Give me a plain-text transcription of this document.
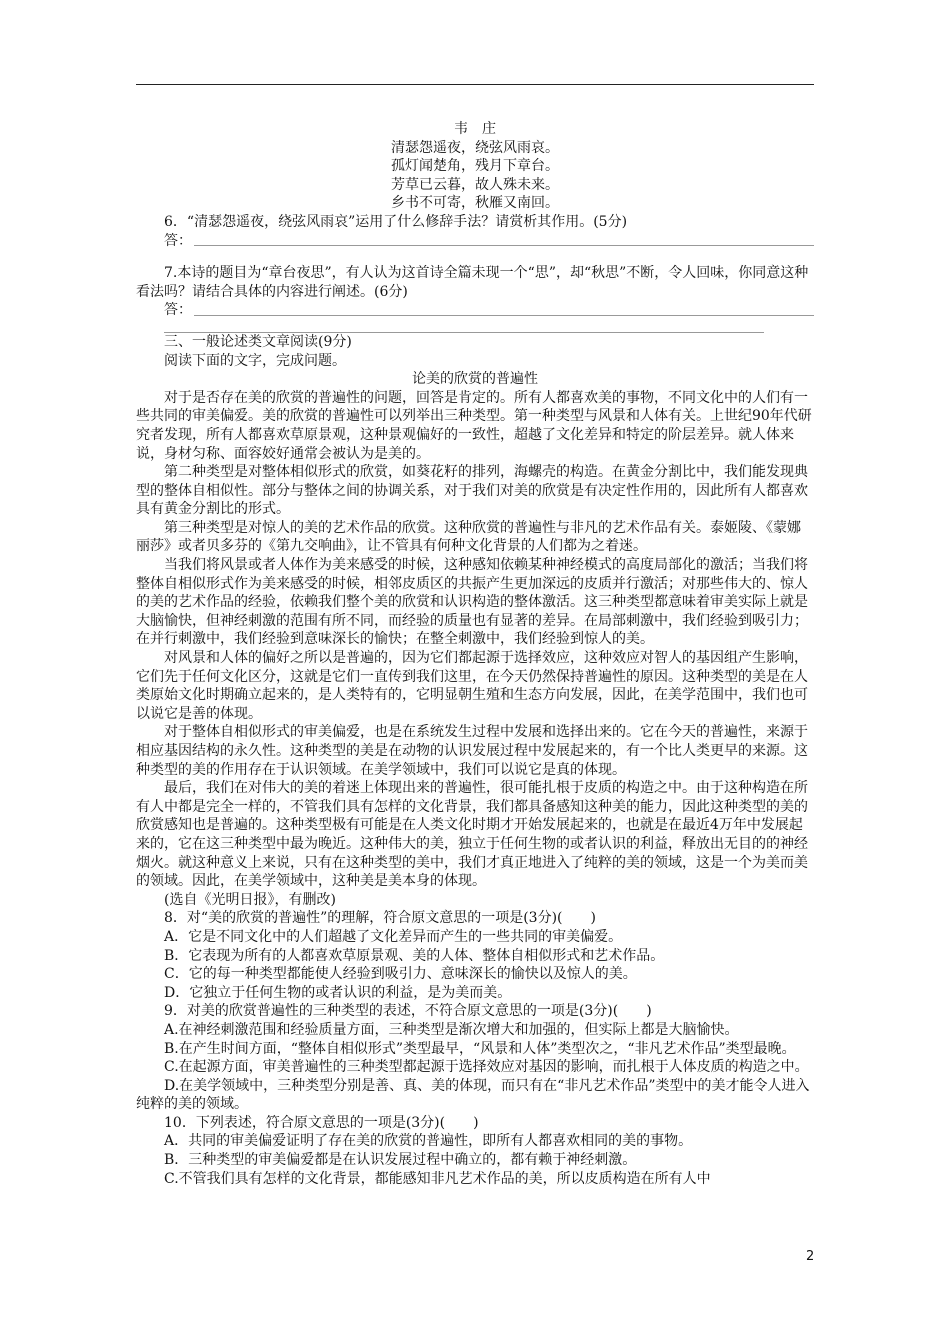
韦　庄

清瑟怨遥夜，绕弦风雨哀。

孤灯闻楚角，残月下章台。

芳草已云暮，故人殊未来。

乡书不可寄，秋雁又南回。

6．“清瑟怨遥夜，绕弦风雨哀”运用了什么修辞手法？请赏析其作用。(5分)

答：

7.本诗的题目为“章台夜思”，有人认为这首诗全篇未现一个“思”，却“秋思”不断，令人回味，你同意这种看法吗？请结合具体的内容进行阐述。(6分)

答：

三、一般论述类文章阅读(9分)

阅读下面的文字，完成问题。

论美的欣赏的普遍性

对于是否存在美的欣赏的普遍性的问题，回答是肯定的。所有人都喜欢美的事物，不同文化中的人们有一些共同的审美偏爱。美的欣赏的普遍性可以列举出三种类型。第一种类型与风景和人体有关。上世纪90年代研究者发现，所有人都喜欢草原景观，这种景观偏好的一致性，超越了文化差异和特定的阶层差异。就人体来说，身材匀称、面容姣好通常会被认为是美的。

第二种类型是对整体相似形式的欣赏，如葵花籽的排列，海螺壳的构造。在黄金分割比中，我们能发现典型的整体自相似性。部分与整体之间的协调关系，对于我们对美的欣赏是有决定性作用的，因此所有人都喜欢具有黄金分割比的形式。

第三种类型是对惊人的美的艺术作品的欣赏。这种欣赏的普遍性与非凡的艺术作品有关。泰姬陵、《蒙娜丽莎》或者贝多芬的《第九交响曲》，让不管具有何种文化背景的人们都为之着迷。

当我们将风景或者人体作为美来感受的时候，这种感知依赖某种神经模式的高度局部化的激活；当我们将整体自相似形式作为美来感受的时候，相邻皮质区的共振产生更加深远的皮质并行激活；对那些伟大的、惊人的美的艺术作品的经验，依赖我们整个美的欣赏和认识构造的整体激活。这三种类型都意味着审美实际上就是大脑愉快，但神经刺激的范围有所不同，而经验的质量也有显著的差异。在局部刺激中，我们经验到吸引力；在并行刺激中，我们经验到意味深长的愉快；在整全刺激中，我们经验到惊人的美。

对风景和人体的偏好之所以是普遍的，因为它们都起源于选择效应，这种效应对智人的基因组产生影响，它们先于任何文化区分，这就是它们一直传到我们这里，在今天仍然保持普遍性的原因。这种类型的美是在人类原始文化时期确立起来的，是人类特有的，它明显朝生殖和生态方向发展，因此，在美学范围中，我们也可以说它是善的体现。

对于整体自相似形式的审美偏爱，也是在系统发生过程中发展和选择出来的。它在今天的普遍性，来源于相应基因结构的永久性。这种类型的美是在动物的认识发展过程中发展起来的，有一个比人类更早的来源。这种类型的美的作用存在于认识领域。在美学领域中，我们可以说它是真的体现。

最后，我们在对伟大的美的着迷上体现出来的普遍性，很可能扎根于皮质的构造之中。由于这种构造在所有人中都是完全一样的，不管我们具有怎样的文化背景，我们都具备感知这种美的能力，因此这种类型的美的欣赏感知也是普遍的。这种类型极有可能是在人类文化时期才开始发展起来的，也就是在最近4万年中发展起来的，它在这三种类型中最为晚近。这种伟大的美，独立于任何生物的或者认识的利益，释放出无目的的神经烟火。就这种意义上来说，只有在这种类型的美中，我们才真正地进入了纯粹的美的领域，这是一个为美而美的领域。因此，在美学领域中，这种美是美本身的体现。

(选自《光明日报》，有删改)

8．对“美的欣赏的普遍性”的理解，符合原文意思的一项是(3分)(　　)

A．它是不同文化中的人们超越了文化差异而产生的一些共同的审美偏爱。

B．它表现为所有的人都喜欢草原景观、美的人体、整体自相似形式和艺术作品。

C．它的每一种类型都能使人经验到吸引力、意味深长的愉快以及惊人的美。

D．它独立于任何生物的或者认识的利益，是为美而美。

9．对美的欣赏普遍性的三种类型的表述，不符合原文意思的一项是(3分)(　　)

A.在神经刺激范围和经验质量方面，三种类型是渐次增大和加强的，但实际上都是大脑愉快。

B.在产生时间方面，“整体自相似形式”类型最早，“风景和人体”类型次之，“非凡艺术作品”类型最晚。

C.在起源方面，审美普遍性的三种类型都起源于选择效应对基因的影响，而扎根于人体皮质的构造之中。

D.在美学领域中，三种类型分别是善、真、美的体现，而只有在“非凡艺术作品”类型中的美才能令人进入纯粹的美的领域。

10．下列表述，符合原文意思的一项是(3分)(　　)

A．共同的审美偏爱证明了存在美的欣赏的普遍性，即所有人都喜欢相同的美的事物。

B．三种类型的审美偏爱都是在认识发展过程中确立的，都有赖于神经刺激。

C.不管我们具有怎样的文化背景，都能感知非凡艺术作品的美，所以皮质构造在所有人中

2
